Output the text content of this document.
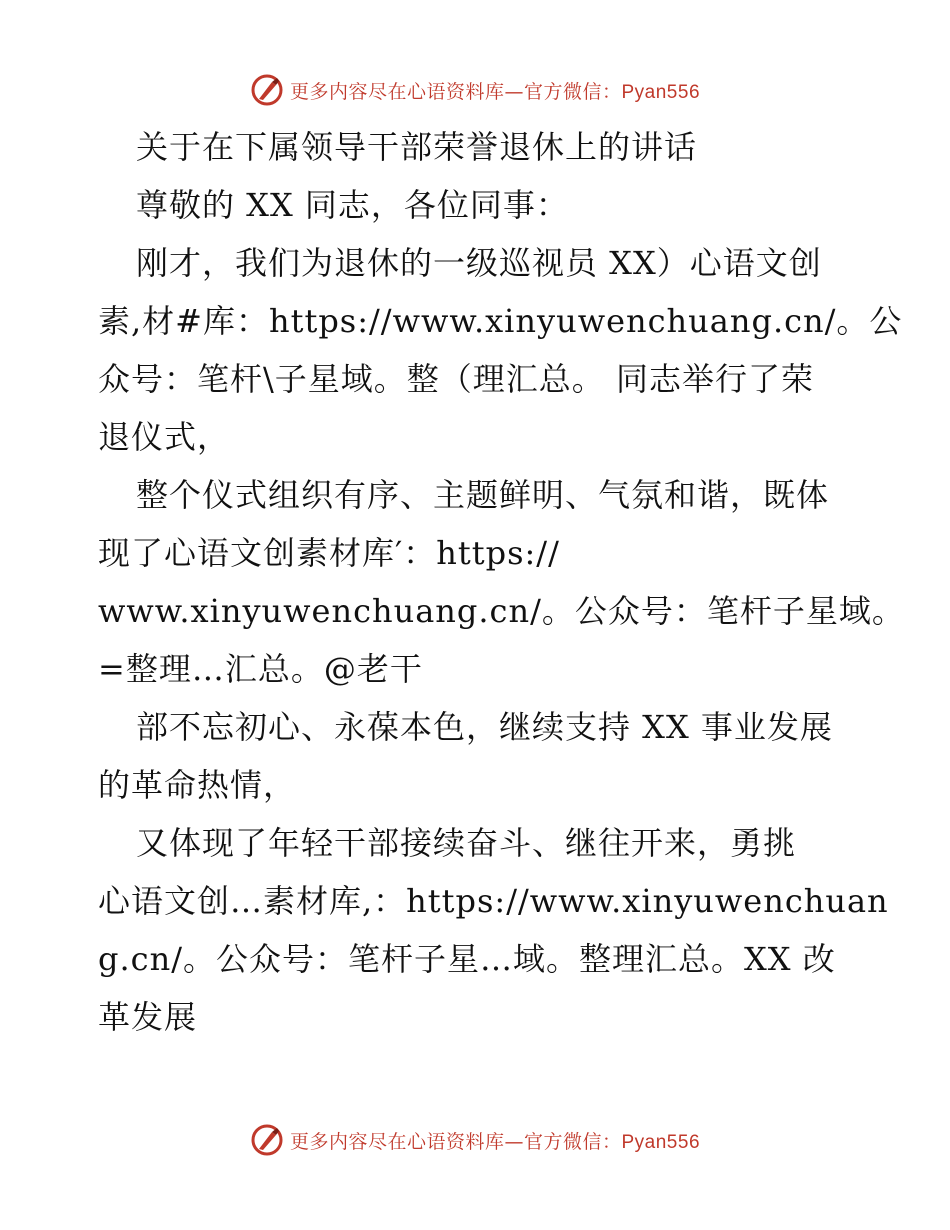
更多内容尽在心语资料库—官方微信：Pyan556
关于在下属领导干部荣誉退休上的讲话
尊敬的 XX 同志，各位同事：
刚才，我们为退休的一级巡视员 XX）心语文创
素,材#库：https://www.xinyuwenchuang.cn/。公
众号：笔杆\子星域。整（理汇总。 同志举行了荣
退仪式，
整个仪式组织有序、主题鲜明、气氛和谐，既体
现了心语文创素材库′：https://
www.xinyuwenchuang.cn/。公众号：笔杆子星域。
=整理…汇总。@老干
部不忘初心、永葆本色，继续支持 XX 事业发展
的革命热情，
又体现了年轻干部接续奋斗、继往开来，勇挑
心语文创…素材库,：https://www.xinyuwenchuan
g.cn/。公众号：笔杆子星…域。整理汇总。XX 改
革发展
更多内容尽在心语资料库—官方微信：Pyan556
